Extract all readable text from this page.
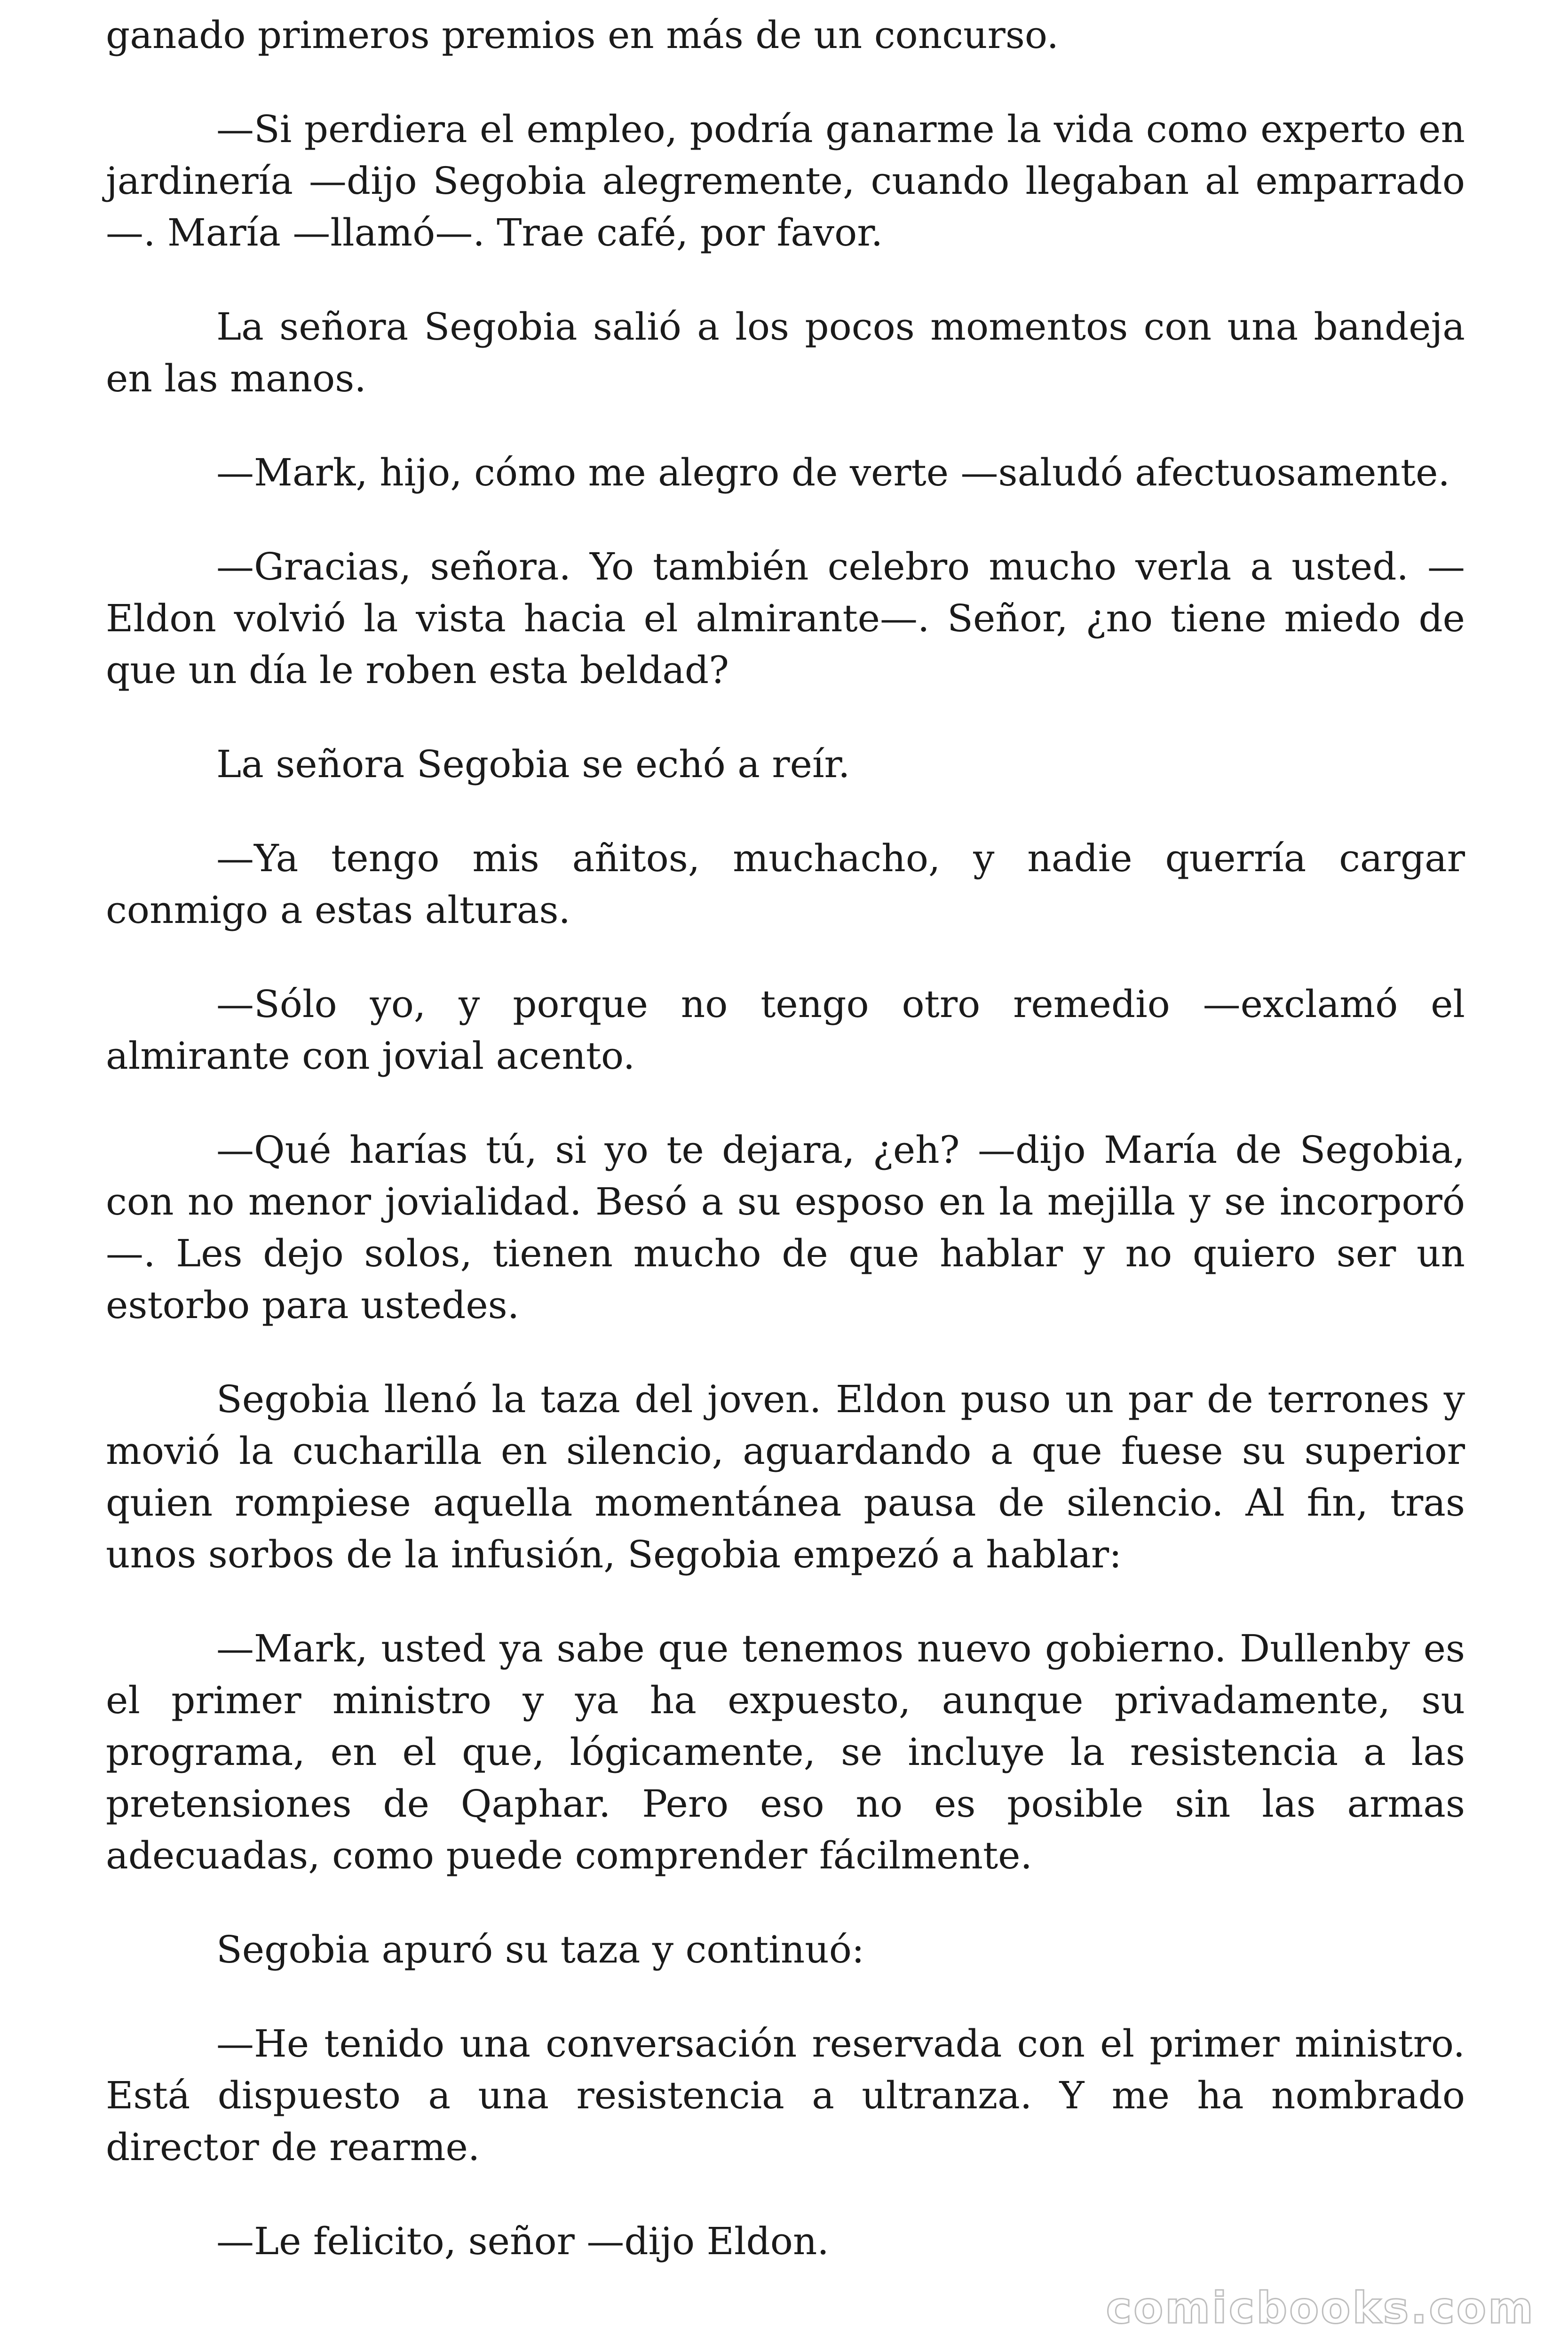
ganado primeros premios en más de un concurso.

—Si perdiera el empleo, podría ganarme la vida como experto en jardinería —dijo Segobia alegremente, cuando llegaban al emparrado—. María —llamó—. Trae café, por favor.

La señora Segobia salió a los pocos momentos con una bandeja en las manos.

—Mark, hijo, cómo me alegro de verte —saludó afectuosamente.

—Gracias, señora. Yo también celebro mucho verla a usted. —Eldon volvió la vista hacia el almirante—. Señor, ¿no tiene miedo de que un día le roben esta beldad?

La señora Segobia se echó a reír.

—Ya tengo mis añitos, muchacho, y nadie querría cargar conmigo a estas alturas.

—Sólo yo, y porque no tengo otro remedio —exclamó el almirante con jovial acento.

—Qué harías tú, si yo te dejara, ¿eh? —dijo María de Segobia, con no menor jovialidad. Besó a su esposo en la mejilla y se incorporó —. Les dejo solos, tienen mucho de que hablar y no quiero ser un estorbo para ustedes.

Segobia llenó la taza del joven. Eldon puso un par de terrones y movió la cucharilla en silencio, aguardando a que fuese su superior quien rompiese aquella momentánea pausa de silencio. Al fin, tras unos sorbos de la infusión, Segobia empezó a hablar:

—Mark, usted ya sabe que tenemos nuevo gobierno. Dullenby es el primer ministro y ya ha expuesto, aunque privadamente, su programa, en el que, lógicamente, se incluye la resistencia a las pretensiones de Qaphar. Pero eso no es posible sin las armas adecuadas, como puede comprender fácilmente.

Segobia apuró su taza y continuó:

—He tenido una conversación reservada con el primer ministro. Está dispuesto a una resistencia a ultranza. Y me ha nombrado director de rearme.

—Le felicito, señor —dijo Eldon.

comicbooks.com
